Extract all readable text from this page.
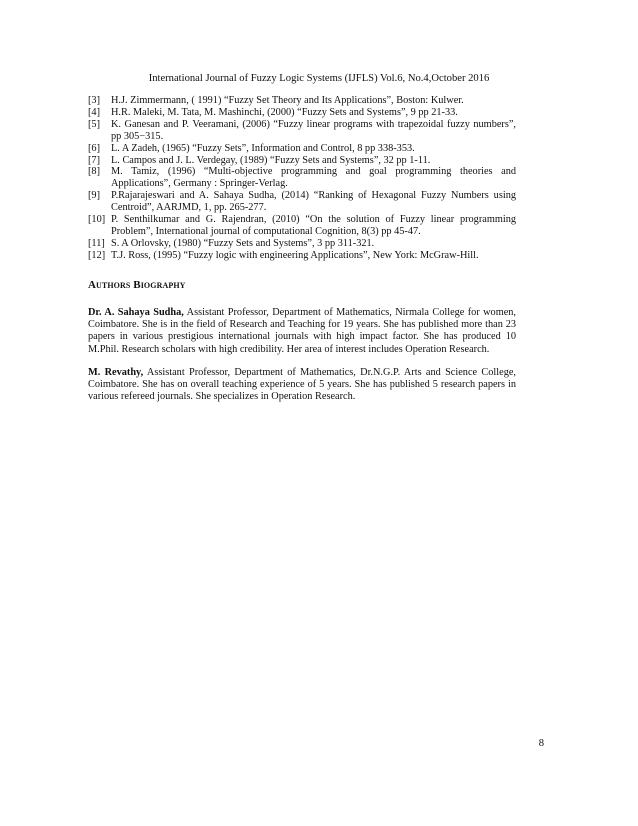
International Journal of Fuzzy Logic Systems (IJFLS) Vol.6, No.4,October 2016
[3]	H.J. Zimmermann, ( 1991) “Fuzzy Set Theory and Its Applications”, Boston: Kulwer.
[4]	H.R. Maleki, M. Tata, M. Mashinchi, (2000) “Fuzzy Sets and Systems”, 9 pp 21-33.
[5]	K. Ganesan and P. Veeramani, (2006) “Fuzzy linear programs with trapezoidal fuzzy numbers”, pp 305−315.
[6]	L. A Zadeh, (1965) “Fuzzy Sets”, Information and Control, 8 pp 338-353.
[7]	L. Campos and J. L. Verdegay, (1989) “Fuzzy Sets and Systems”, 32 pp 1-11.
[8]	M. Tamiz, (1996) “Multi-objective programming and goal programming theories and Applications”, Germany : Springer-Verlag.
[9]	P.Rajarajeswari and A. Sahaya Sudha, (2014) “Ranking of Hexagonal Fuzzy Numbers using Centroid”, AARJMD, 1, pp. 265-277.
[10] P. Senthilkumar and G. Rajendran, (2010) “On the solution of Fuzzy linear programming Problem”, International journal of computational Cognition, 8(3) pp 45-47.
[11] S. A Orlovsky, (1980) “Fuzzy Sets and Systems”, 3 pp 311-321.
[12] T.J. Ross, (1995) “Fuzzy logic with engineering Applications”, New York: McGraw-Hill.
Authors Biography

Dr. A. Sahaya Sudha, Assistant Professor, Department of Mathematics, Nirmala College for women, Coimbatore. She is in the field of Research and Teaching for 19 years. She has published more than 23 papers in various prestigious international journals with high impact factor. She has produced 10 M.Phil. Research scholars with high credibility. Her area of interest includes Operation Research.

M. Revathy, Assistant Professor, Department of Mathematics, Dr.N.G.P. Arts and Science College, Coimbatore. She has on overall teaching experience of 5 years. She has published 5 research papers in various refereed journals. She specializes in Operation Research.

8
